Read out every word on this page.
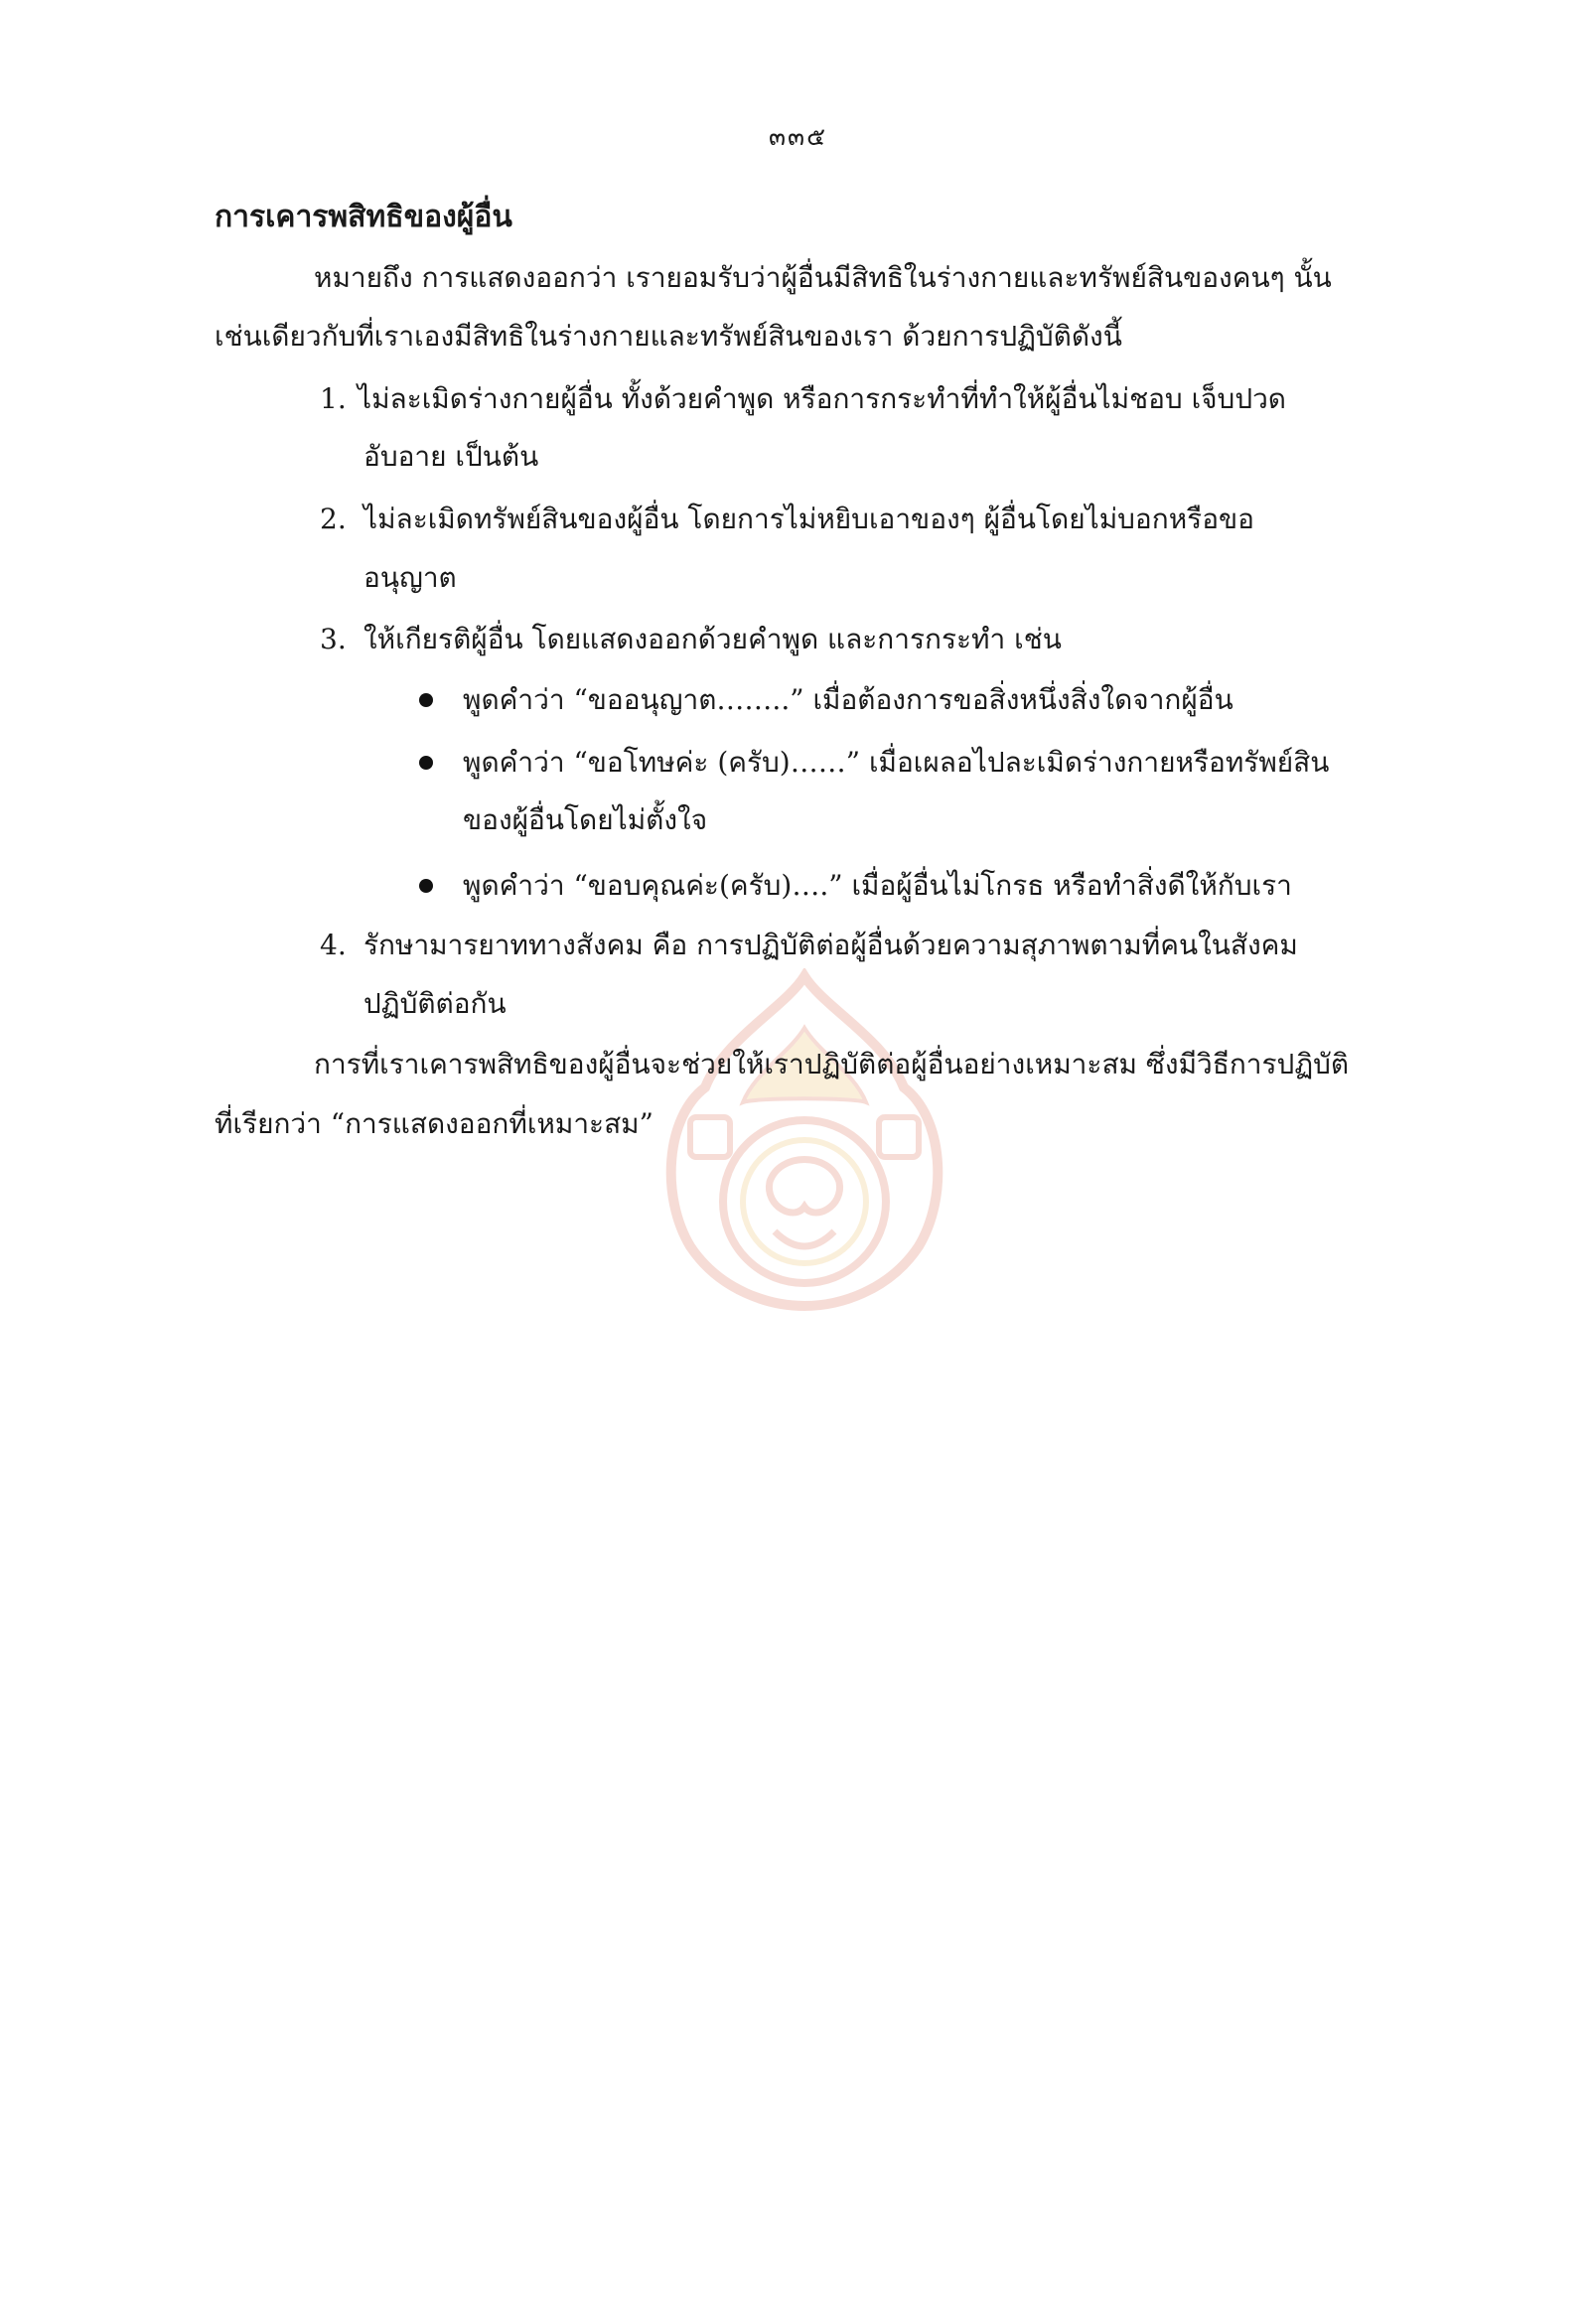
๓๓๕
การเคารพสิทธิของผู้อื่น
หมายถึง การแสดงออกว่า เรายอมรับว่าผู้อื่นมีสิทธิในร่างกายและทรัพย์สินของคนๆ นั้น
เช่นเดียวกับที่เราเองมีสิทธิในร่างกายและทรัพย์สินของเรา ด้วยการปฏิบัติดังนี้
1. ไม่ละเมิดร่างกายผู้อื่น ทั้งด้วยคำพูด หรือการกระทำที่ทำให้ผู้อื่นไม่ชอบ เจ็บปวด
อับอาย เป็นต้น
2. ไม่ละเมิดทรัพย์สินของผู้อื่น โดยการไม่หยิบเอาของๆ ผู้อื่นโดยไม่บอกหรือขอ
อนุญาต
3. ให้เกียรติผู้อื่น โดยแสดงออกด้วยคำพูด และการกระทำ เช่น
พูดคำว่า “ขออนุญาต……..” เมื่อต้องการขอสิ่งหนึ่งสิ่งใดจากผู้อื่น
พูดคำว่า “ขอโทษค่ะ (ครับ)……” เมื่อเผลอไปละเมิดร่างกายหรือทรัพย์สิน
ของผู้อื่นโดยไม่ตั้งใจ
พูดคำว่า “ขอบคุณค่ะ(ครับ)….” เมื่อผู้อื่นไม่โกรธ หรือทำสิ่งดีให้กับเรา
4. รักษามารยาททางสังคม คือ การปฏิบัติต่อผู้อื่นด้วยความสุภาพตามที่คนในสังคม
ปฏิบัติต่อกัน
การที่เราเคารพสิทธิของผู้อื่นจะช่วยให้เราปฏิบัติต่อผู้อื่นอย่างเหมาะสม ซึ่งมีวิธีการปฏิบัติ
ที่เรียกว่า “การแสดงออกที่เหมาะสม”
